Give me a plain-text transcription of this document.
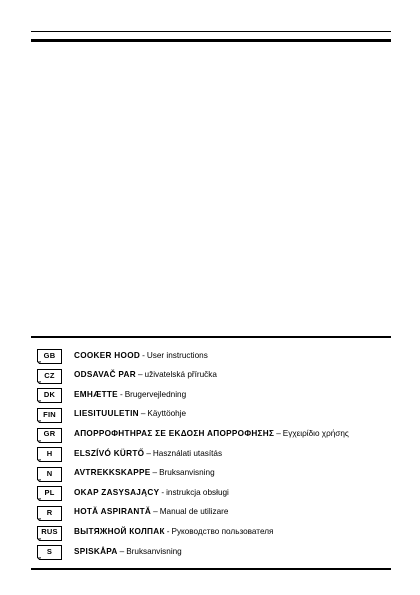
GB COOKER HOOD - User instructions
CZ ODSAVAČ PAR – uživatelská příručka
DK EMHÆTTE - Brugervejledning
FIN LIESITUULETIN – Käyttöohje
GR ΑΠΟΡΡΟΦΗΤΗΡΑΣ ΣΕ ΕΚΔΟΣΗ ΑΠΟΡΡΟΦΗΣΗΣ – Εγχειρίδιο χρήσης
H	ELSZÍVÓ KÜRTŐ – Használati utasítás
N	AVTREKKSKAPPE – Bruksanvisning
PL OKAP ZASYSAJĄCY - instrukcja obsługi
R	HOTĂ ASPIRANTĂ – Manual de utilizare
RUS ВЫТЯЖНОЙ КОЛПАК - Руководство пользователя
S	SPISKÅPA – Bruksanvisning
